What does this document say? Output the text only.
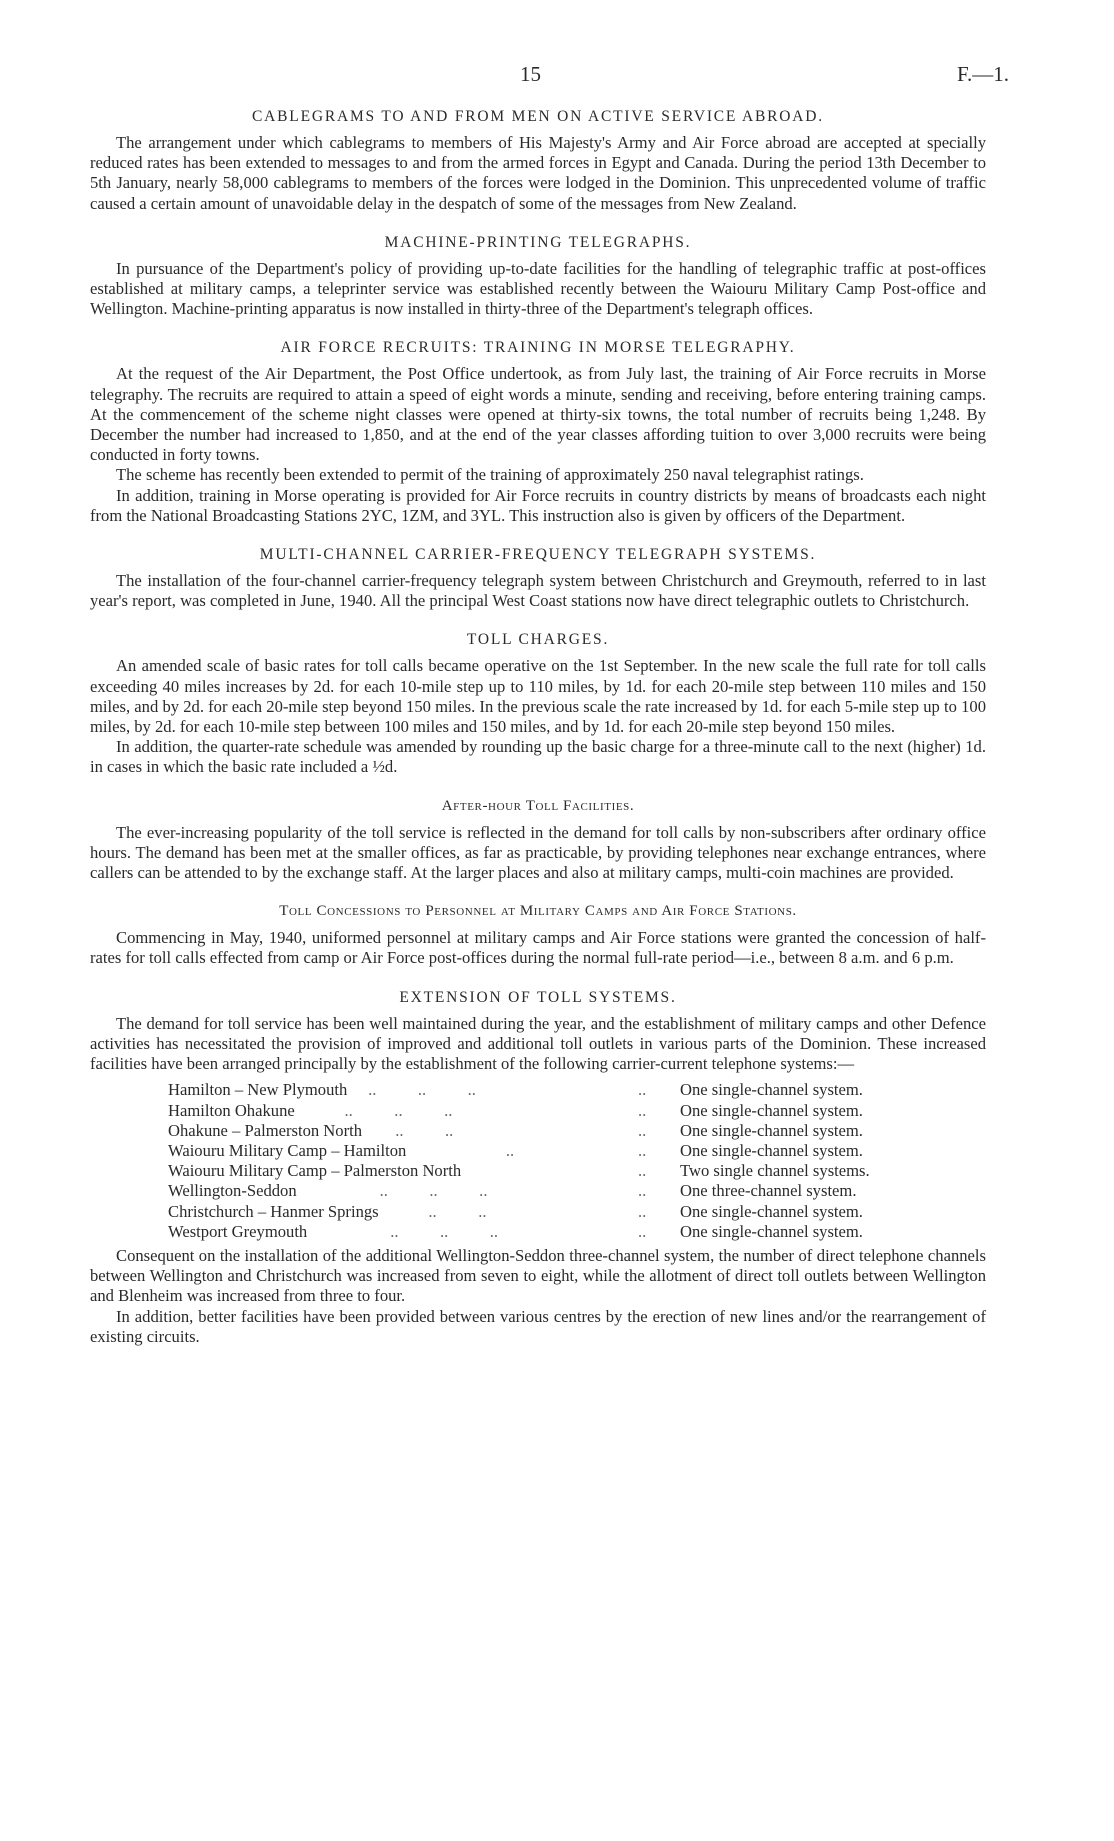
15	F.—1.
CABLEGRAMS TO AND FROM MEN ON ACTIVE SERVICE ABROAD.

The arrangement under which cablegrams to members of His Majesty's Army and Air Force abroad are accepted at specially reduced rates has been extended to messages to and from the armed forces in Egypt and Canada. During the period 13th December to 5th January, nearly 58,000 cablegrams to members of the forces were lodged in the Dominion. This unprecedented volume of traffic caused a certain amount of unavoidable delay in the despatch of some of the messages from New Zealand.

MACHINE-PRINTING TELEGRAPHS.

In pursuance of the Department's policy of providing up-to-date facilities for the handling of telegraphic traffic at post-offices established at military camps, a teleprinter service was established recently between the Waiouru Military Camp Post-office and Wellington. Machine-printing apparatus is now installed in thirty-three of the Department's telegraph offices.

AIR FORCE RECRUITS: TRAINING IN MORSE TELEGRAPHY.

At the request of the Air Department, the Post Office undertook, as from July last, the training of Air Force recruits in Morse telegraphy. The recruits are required to attain a speed of eight words a minute, sending and receiving, before entering training camps. At the commencement of the scheme night classes were opened at thirty-six towns, the total number of recruits being 1,248. By December the number had increased to 1,850, and at the end of the year classes affording tuition to over 3,000 recruits were being conducted in forty towns.

The scheme has recently been extended to permit of the training of approximately 250 naval telegraphist ratings.

In addition, training in Morse operating is provided for Air Force recruits in country districts by means of broadcasts each night from the National Broadcasting Stations 2YC, 1ZM, and 3YL. This instruction also is given by officers of the Department.

MULTI-CHANNEL CARRIER-FREQUENCY TELEGRAPH SYSTEMS.

The installation of the four-channel carrier-frequency telegraph system between Christchurch and Greymouth, referred to in last year's report, was completed in June, 1940. All the principal West Coast stations now have direct telegraphic outlets to Christchurch.

TOLL CHARGES.

An amended scale of basic rates for toll calls became operative on the 1st September. In the new scale the full rate for toll calls exceeding 40 miles increases by 2d. for each 10-mile step up to 110 miles, by 1d. for each 20-mile step between 110 miles and 150 miles, and by 2d. for each 20-mile step beyond 150 miles. In the previous scale the rate increased by 1d. for each 5-mile step up to 100 miles, by 2d. for each 10-mile step between 100 miles and 150 miles, and by 1d. for each 20-mile step beyond 150 miles.

In addition, the quarter-rate schedule was amended by rounding up the basic charge for a three-minute call to the next (higher) 1d. in cases in which the basic rate included a ½d.

After-hour Toll Facilities.

The ever-increasing popularity of the toll service is reflected in the demand for toll calls by non-subscribers after ordinary office hours. The demand has been met at the smaller offices, as far as practicable, by providing telephones near exchange entrances, where callers can be attended to by the exchange staff. At the larger places and also at military camps, multi-coin machines are provided.

Toll Concessions to Personnel at Military Camps and Air Force Stations.

Commencing in May, 1940, uniformed personnel at military camps and Air Force stations were granted the concession of half-rates for toll calls effected from camp or Air Force post-offices during the normal full-rate period—i.e., between 8 a.m. and 6 p.m.

EXTENSION OF TOLL SYSTEMS.

The demand for toll service has been well maintained during the year, and the establishment of military camps and other Defence activities has necessitated the provision of improved and additional toll outlets in various parts of the Dominion. These increased facilities have been arranged principally by the establishment of the following carrier-current telephone systems:—

Hamilton – New Plymouth ..          ..          ..	..	One single-channel system.
Hamilton Ohakune ..          ..          ..	..	One single-channel system.
Ohakune – Palmerston North ..          ..	..	One single-channel system.
Waiouru Military Camp – Hamilton ..	..	One single-channel system.
Waiouru Military Camp – Palmerston North	..	Two single channel systems.
Wellington-Seddon ..          ..          ..	..	One three-channel system.
Christchurch – Hanmer Springs ..          ..	..	One single-channel system.
Westport Greymouth ..          ..          ..	..	One single-channel system.

Consequent on the installation of the additional Wellington-Seddon three-channel system, the number of direct telephone channels between Wellington and Christchurch was increased from seven to eight, while the allotment of direct toll outlets between Wellington and Blenheim was increased from three to four.

In addition, better facilities have been provided between various centres by the erection of new lines and/or the rearrangement of existing circuits.
